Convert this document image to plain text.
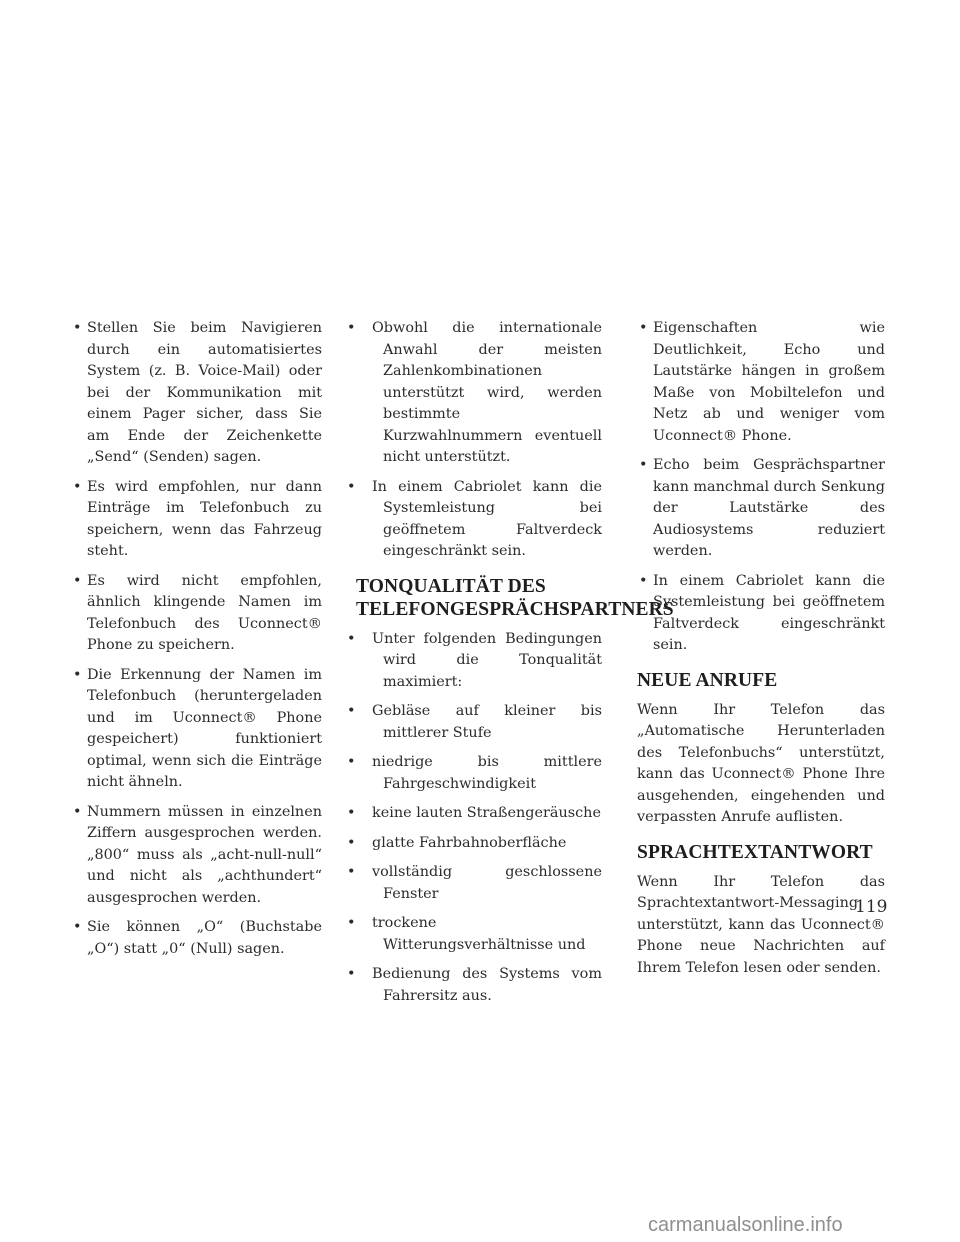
• Stellen Sie beim Navigieren durch ein automatisiertes System (z. B. Voice-Mail) oder bei der Kommunikation mit einem Pager sicher, dass Sie am Ende der Zeichenkette „Send“ (Senden) sagen.
• Es wird empfohlen, nur dann Einträge im Telefonbuch zu speichern, wenn das Fahrzeug steht.
• Es wird nicht empfohlen, ähnlich klingende Namen im Telefonbuch des Uconnect® Phone zu speichern.
• Die Erkennung der Namen im Telefonbuch (heruntergeladen und im Uconnect® Phone gespeichert) funktioniert optimal, wenn sich die Einträge nicht ähneln.
• Nummern müssen in einzelnen Ziffern ausgesprochen werden. „800“ muss als „acht-null-null“ und nicht als „achthundert“ ausgesprochen werden.
• Sie können „O“ (Buchstabe „O“) statt „0“ (Null) sagen.
• Obwohl die internationale Anwahl der meisten Zahlenkombinationen unterstützt wird, werden bestimmte Kurzwahlnummern eventuell nicht unterstützt.
• In einem Cabriolet kann die Systemleistung bei geöffnetem Faltverdeck eingeschränkt sein.
TONQUALITÄT DES TELEFONGESPRÄCHSPARTNERS
• Unter folgenden Bedingungen wird die Tonqualität maximiert:
• Gebläse auf kleiner bis mittlerer Stufe
• niedrige bis mittlere Fahrgeschwindigkeit
• keine lauten Straßengeräusche
• glatte Fahrbahnoberfläche
• vollständig geschlossene Fenster
• trockene Witterungsverhältnisse und
• Bedienung des Systems vom Fahrersitz aus.
• Eigenschaften wie Deutlichkeit, Echo und Lautstärke hängen in großem Maße von Mobiltelefon und Netz ab und weniger vom Uconnect® Phone.
• Echo beim Gesprächspartner kann manchmal durch Senkung der Lautstärke des Audiosystems reduziert werden.
• In einem Cabriolet kann die Systemleistung bei geöffnetem Faltverdeck eingeschränkt sein.
NEUE ANRUFE

Wenn Ihr Telefon das „Automatische Herunterladen des Telefonbuchs“ unterstützt, kann das Uconnect® Phone Ihre ausgehenden, eingehenden und verpassten Anrufe auflisten.

SPRACHTEXTANTWORT

Wenn Ihr Telefon das Sprachtextantwort-Messaging unterstützt, kann das Uconnect® Phone neue Nachrichten auf Ihrem Telefon lesen oder senden.

119
carmanualsonline.info
